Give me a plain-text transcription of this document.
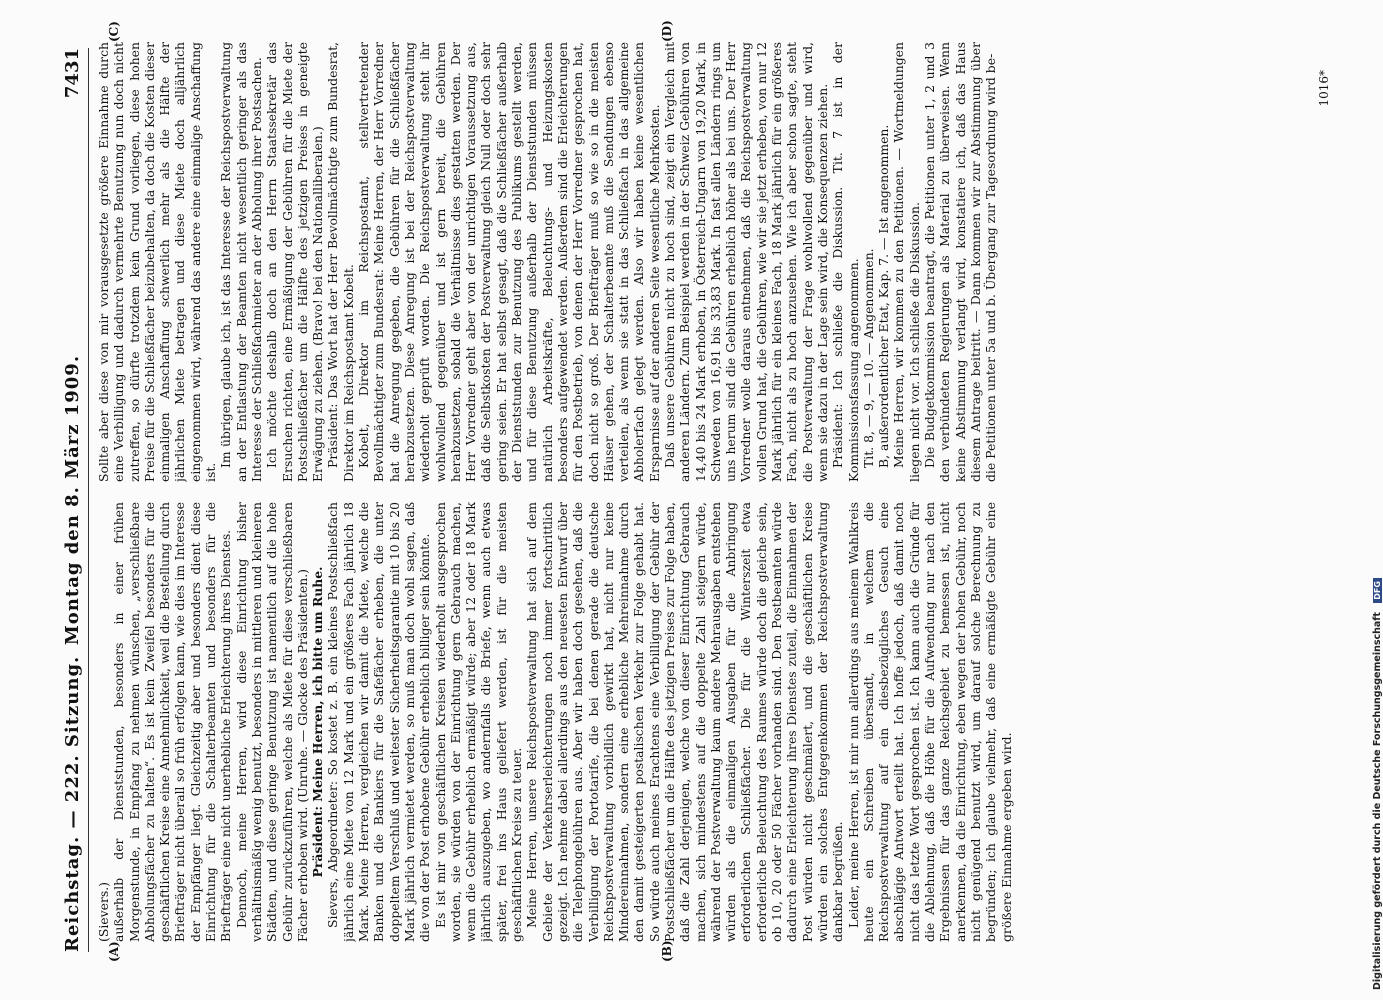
Reichstag. — 222. Sitzung.
Montag den 8. März 1909.
7431
(A)	(B)
(C)	(D)

(Sievers.) außerhalb der Dienststunden, besonders in einer frühen Morgenstunde, in Empfang zu nehmen wünschen, „verschließbare Abholungsfächer zu halten“. Es ist kein Zweifel besonders für die geschäftlichen Kreise eine Annehmlichkeit, weil die Bestellung durch Briefträger nicht überall so früh erfolgen kann, wie dies im Interesse der Empfänger liegt. Gleichzeitig aber und besonders dient diese Einrichtung für die Schalterbeamten und besonders für die Briefträger eine nicht unerhebliche Erleichterung ihres Dienstes. Dennoch, meine Herren, wird diese Einrichtung bisher verhältnismäßig wenig benutzt, besonders in mittleren und kleineren Städten, und diese geringe Benutzung ist namentlich auf die hohe Gebühr zurückzuführen, welche als Miete für diese verschließbaren Fächer erhoben wird. (Unruhe. — Glocke des Präsidenten.) Präsident: Meine Herren, ich bitte um Ruhe. Sievers, Abgeordneter: So kostet z. B. ein kleines Postschließfach jährlich eine Miete von 12 Mark und ein größeres Fach jährlich 18 Mark. Meine Herren, vergleichen wir damit die Miete, welche die Banken und die Bankiers für die Safefächer erheben, die unter doppeltem Verschluß und weitester Sicherheitsgarantie mit 10 bis 20 Mark jährlich vermietet werden, so muß man doch wohl sagen, daß die von der Post erhobene Gebühr erheblich billiger sein könnte. Es ist mir von geschäftlichen Kreisen wiederholt ausgesprochen worden, sie würden von der Einrichtung gern Gebrauch machen, wenn die Gebühr erheblich ermäßigt würde; aber 12 oder 18 Mark jährlich auszugeben, wo andernfalls die Briefe, wenn auch etwas später, frei ins Haus geliefert werden, ist für die meisten geschäftlichen Kreise zu teuer. Meine Herren, unsere Reichspostverwaltung hat sich auf dem Gebiete der Verkehrserleichterungen noch immer fortschrittlich gezeigt. Ich nehme dabei allerdings aus den neuesten Entwurf über die Telephongebühren aus. Aber wir haben doch gesehen, daß die Verbilligung der Portotarife, die bei denen gerade die deutsche Reichspostverwaltung vorbildlich gewirkt hat, nicht nur keine Mindereinnahmen, sondern eine erhebliche Mehreinnahme durch den damit gesteigerten postalischen Verkehr zur Folge gehabt hat. So würde auch meines Erachtens eine Verbilligung der Gebühr der Postschließfächer um die Hälfte des jetzigen Preises zur Folge haben, daß die Zahl derjenigen, welche von dieser Einrichtung Gebrauch machen, sich mindestens auf die doppelte Zahl steigern würde, während der Postverwaltung kaum andere Mehrausgaben entstehen würden als die einmaligen Ausgaben für die Anbringung erforderlichen Schließfächer. Die für die Winterszeit etwa erforderliche Beleuchtung des Raumes würde doch die gleiche sein, ob 10, 20 oder 50 Fächer vorhanden sind. Den Postbeamten würde dadurch eine Erleichterung ihres Dienstes zuteil, die Einnahmen der Post würden nicht geschmälert, und die geschäftlichen Kreise würden ein solches Entgegenkommen der Reichspostverwaltung dankbar begrüßen. Leider, meine Herren, ist mir nun allerdings aus meinem Wahlkreis heute ein Schreiben übersandt, in welchem die Reichspostverwaltung auf ein diesbezügliches Gesuch eine abschlägige Antwort erteilt hat. Ich hoffe jedoch, daß damit noch nicht das letzte Wort gesprochen ist. Ich kann auch die Gründe für die Ablehnung, daß die Höhe für die Aufwendung nur nach den Ergebnissen für das ganze Reichsgebiet zu bemessen ist, nicht anerkennen, da die Einrichtung, eben wegen der hohen Gebühr, noch nicht genügend benutzt wird, um darauf solche Berechnung zu begründen; ich glaube vielmehr, daß eine ermäßigte Gebühr eine größere Einnahme ergeben wird.

Sollte aber diese von mir vorausgesetzte größere Einnahme durch eine Verbilligung und dadurch vermehrte Benutzung nun doch nicht zutreffen, so dürfte trotzdem kein Grund vorliegen, diese hohen Preise für die Schließfächer beizubehalten, da doch die Kosten dieser einmaligen Anschaffung schwerlich mehr als die Hälfte der jährlichen Miete betragen und diese Miete doch alljährlich eingenommen wird, während das andere eine einmalige Anschaffung ist.

Im übrigen, glaube ich, ist das Interesse der Reichspostverwaltung an der Entlastung der Beamten nicht wesentlich geringer als das Interesse der Schließfachmieter an der Abholung ihrer Postsachen. Ich möchte deshalb doch an den Herrn Staatssekretär das Ersuchen richten, eine Ermäßigung der Gebühren für die Miete der Postschließfächer um die Hälfte des jetzigen Preises in geneigte Erwägung zu ziehen. (Bravo! bei den Nationalliberalen.) Präsident: Das Wort hat der Herr Bevollmächtigte zum Bundesrat, Direktor im Reichspostamt Kobelt. Kobelt, Direktor im Reichspostamt, stellvertretender Bevollmächtigter zum Bundesrat: Meine Herren, der Herr Vorredner hat die Anregung gegeben, die Gebühren für die Schließfächer herabzusetzen. Diese Anregung ist bei der Reichspostverwaltung wiederholt geprüft worden. Die Reichspostverwaltung steht ihr wohlwollend gegenüber und ist gern bereit, die Gebühren herabzusetzen, sobald die Verhältnisse dies gestatten werden. Der Herr Vorredner geht aber von der unrichtigen Voraussetzung aus, daß die Selbstkosten der Postverwaltung gleich Null oder doch sehr gering seien. Er hat selbst gesagt, daß die Schließfächer außerhalb der Dienststunden zur Benutzung des Publikums gestellt werden, und für diese Benutzung außerhalb der Dienststunden müssen natürlich Arbeitskräfte, Beleuchtungs- und Heizungskosten besonders aufgewendet werden. Außerdem sind die Erleichterungen für den Postbetrieb, von denen der Herr Vorredner gesprochen hat, doch nicht so groß. Der Briefträger muß so wie so in die meisten Häuser gehen, der Schalterbeamte muß die Sendungen ebenso verteilen, als wenn sie statt in das Schließfach in das allgemeine Abholerfach gelegt werden. Also wir haben keine wesentlichen Ersparnisse auf der anderen Seite wesentliche Mehrkosten. Daß unsere Gebühren nicht zu hoch sind, zeigt ein Vergleich mit anderen Ländern. Zum Beispiel werden in der Schweiz Gebühren von 14,40 bis 24 Mark erhoben, in Österreich-Ungarn von 19,20 Mark, in Schweden von 16,91 bis 33,83 Mark. In fast allen Ländern rings um uns herum sind die Gebühren erheblich höher als bei uns. Der Herr Vorredner wolle daraus entnehmen, daß die Reichspostverwaltung vollen Grund hat, die Gebühren, wie wir sie jetzt erheben, von nur 12 Mark jährlich für ein kleines Fach, 18 Mark jährlich für ein größeres Fach, nicht als zu hoch anzusehen. Wie ich aber schon sagte, steht die Postverwaltung der Frage wohlwollend gegenüber und wird, wenn sie dazu in der Lage sein wird, die Konsequenzen ziehen. Präsident: Ich schließe die Diskussion. Tit. 7 ist in der Kommissionsfassung angenommen. Tit. 8, — 9, — 10. — Angenommen. B, außerordentlicher Etat, Kap. 7. — Ist angenommen. Meine Herren, wir kommen zu den Petitionen. — Wortmeldungen liegen nicht vor. Ich schließe die Diskussion. Die Budgetkommission beantragt, die Petitionen unter 1, 2 und 3 den verbündeten Regierungen als Material zu überweisen. Wenn keine Abstimmung verlangt wird, konstatiere ich, daß das Haus diesem Antrage beitritt. — Dann kommen wir zur Abstimmung über die Petitionen unter 5a und b. Übergang zur Tagesordnung wird be-	1016*
Digitalisierung gefördert durch die Deutsche Forschungsgemeinschaft DFG
